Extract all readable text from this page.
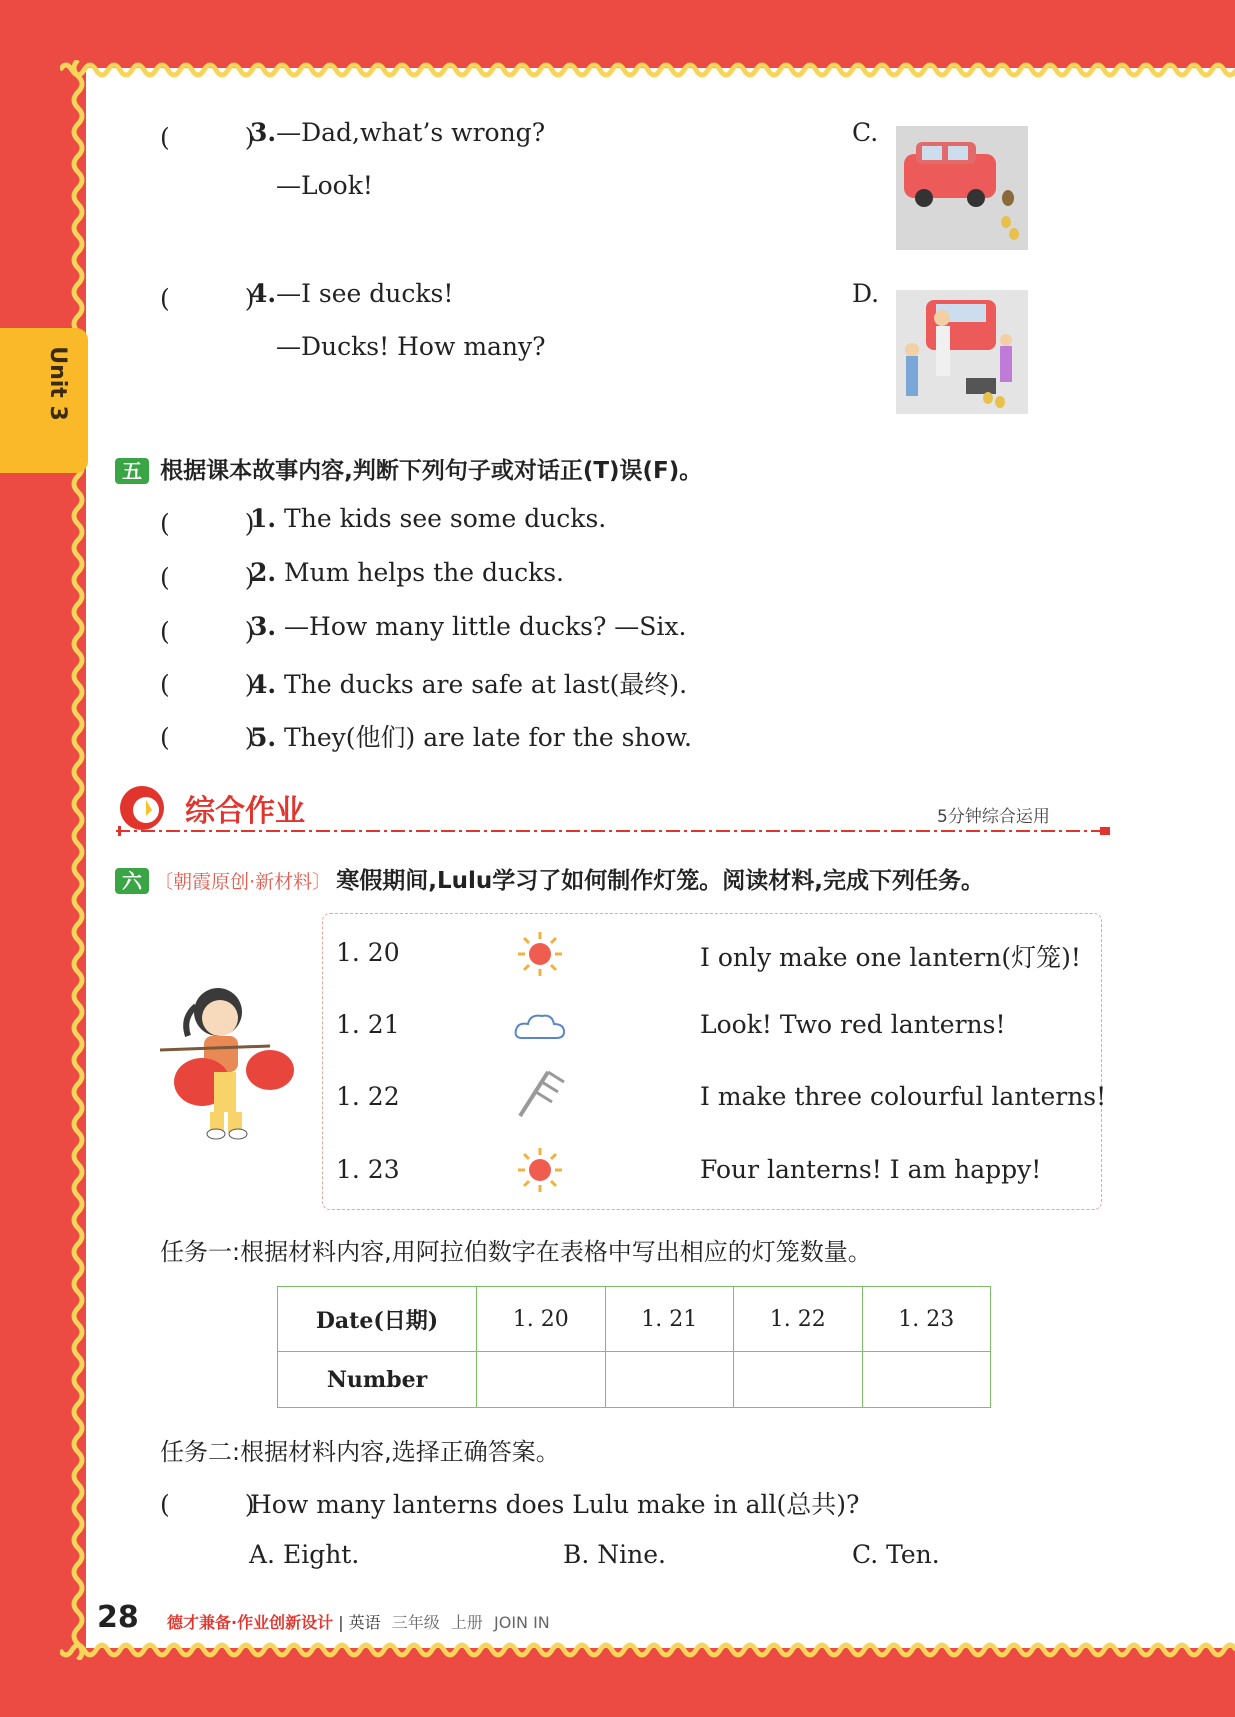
Unit 3
(　　　)
3.—Dad,what’s wrong?
—Look!
C.
(　　　)
4.—I see ducks!
—Ducks! How many?
D.
五 根据课本故事内容,判断下列句子或对话正(T)误(F)。
(　　　)
1. The kids see some ducks.
(　　　)
2. Mum helps the ducks.
(　　　)
3. —How many little ducks? —Six.
(　　　)
4. The ducks are safe at last(最终).
(　　　)
5. They(他们) are late for the show.
综合作业	5分钟综合运用
六 〔朝霞原创·新材料〕 寒假期间,Lulu学习了如何制作灯笼。阅读材料,完成下列任务。
1. 20	I only make one lantern(灯笼)!
1. 21	Look! Two red lanterns!
1. 22	I make three colourful lanterns!
1. 23	Four lanterns! I am happy!
任务一:根据材料内容,用阿拉伯数字在表格中写出相应的灯笼数量。
Date(日期)	1. 20	1. 21	1. 22	1. 23
Number				
任务二:根据材料内容,选择正确答案。
(　　　)
How many lanterns does Lulu make in all(总共)?
A. Eight.	B. Nine.	C. Ten.
28 德才兼备·作业创新设计 | 英语 三年级 上册 JOIN IN
